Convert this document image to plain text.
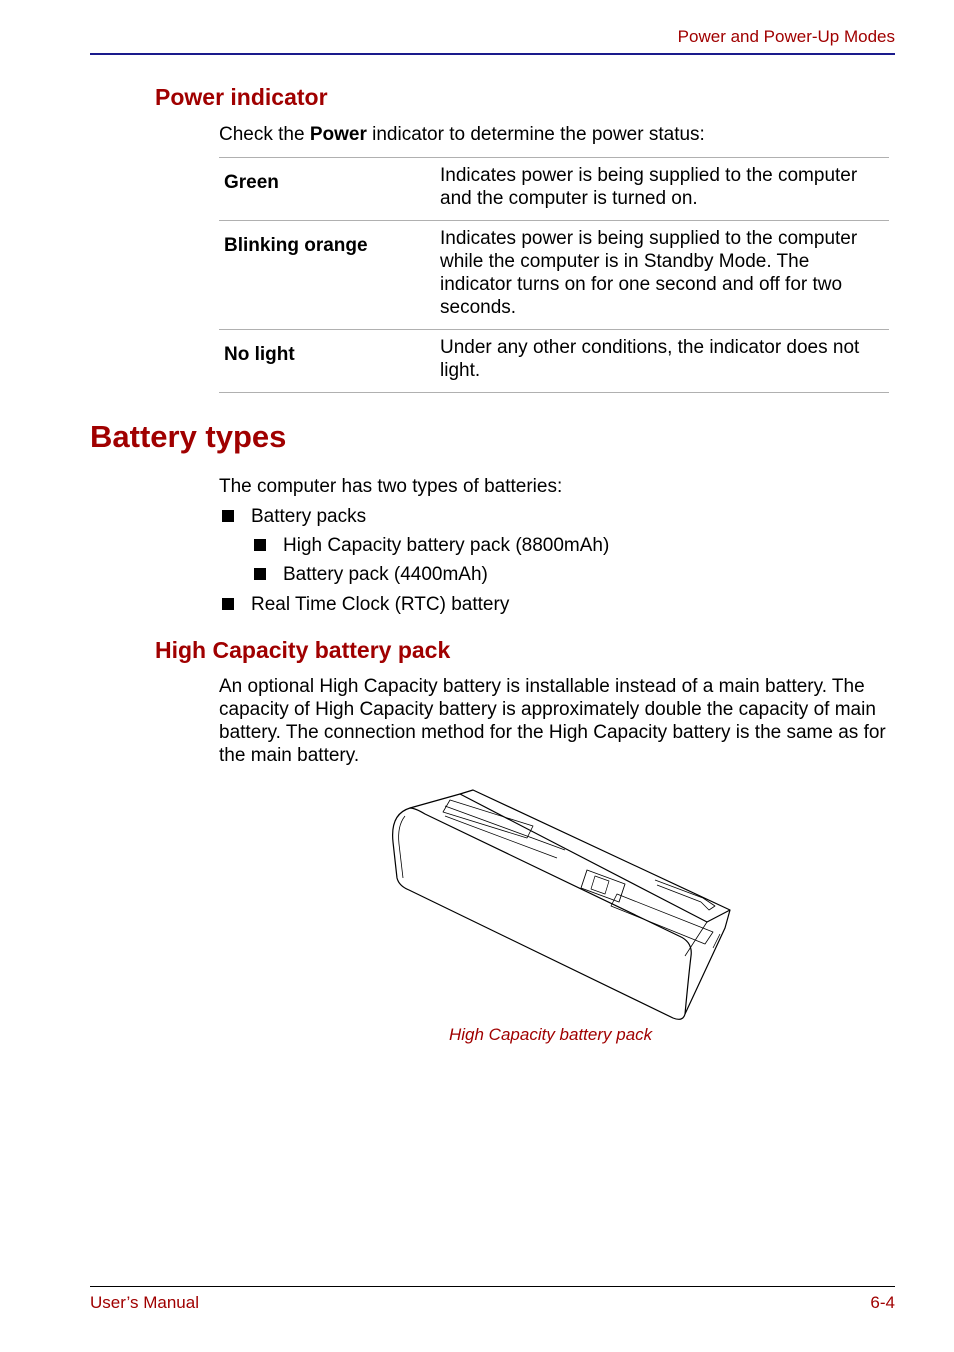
Power and Power-Up Modes
Power indicator
Check the Power indicator to determine the power status:
Green	Indicates power is being supplied to the computer and the computer is turned on.
Blinking orange	Indicates power is being supplied to the computer while the computer is in Standby Mode. The indicator turns on for one second and off for two seconds.
No light	Under any other conditions, the indicator does not light.
Battery types
The computer has two types of batteries:
Battery packs
High Capacity battery pack (8800mAh)
Battery pack (4400mAh)
Real Time Clock (RTC) battery
High Capacity battery pack
An optional High Capacity battery is installable instead of a main battery. The capacity of High Capacity battery is approximately double the capacity of main battery. The connection method for the High Capacity battery is the same as for the main battery.
High Capacity battery pack
User’s Manual	6-4
